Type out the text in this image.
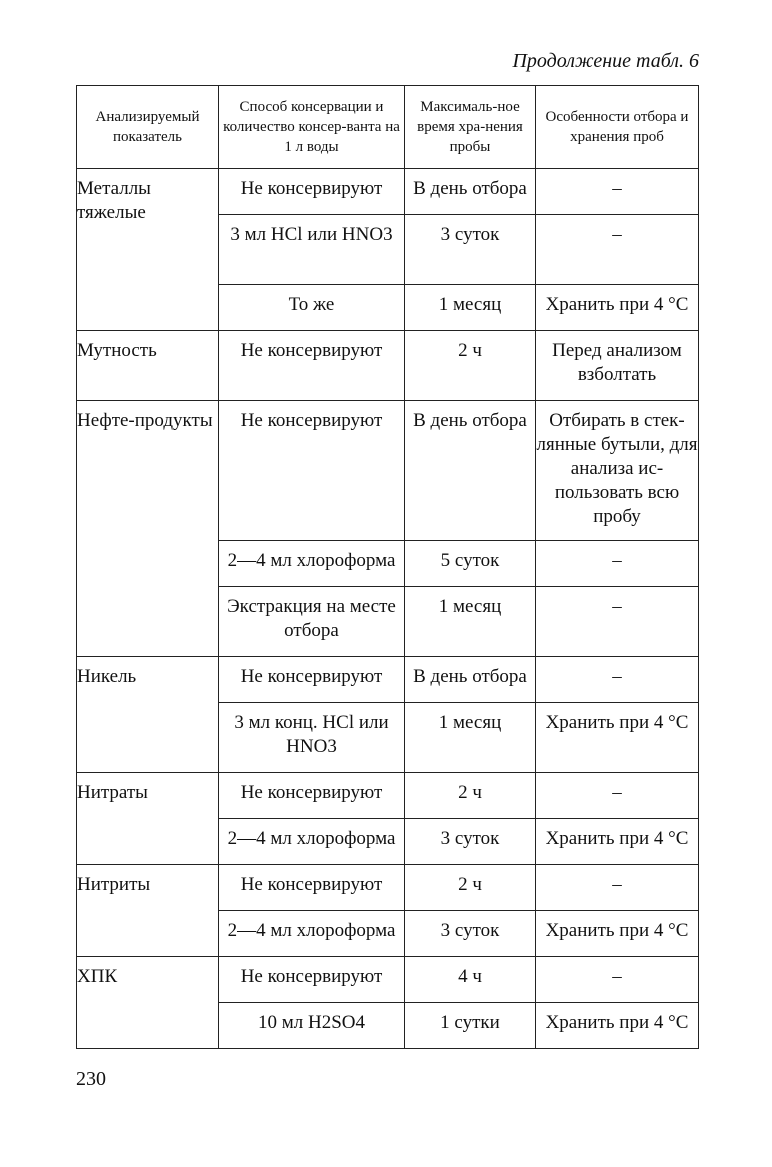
Продолжение табл. 6
Анализируемый показатель	Способ консервации и количество консер-ванта на 1 л воды	Максималь-ное время хра-нения пробы	Особенности отбора и хранения проб
Металлы тяжелые	Не консервируют	В день отбора	–
	3 мл HCl или HNO3	3 суток	–
	То же	1 месяц	Хранить при 4 °С
Мутность	Не консервируют	2 ч	Перед анализом взболтать
Нефте-продукты	Не консервируют	В день отбора	Отбирать в стек-лянные бутыли, для анализа ис-пользовать всю пробу
	2—4 мл хлороформа	5 суток	–
	Экстракция на месте отбора	1 месяц	–
Никель	Не консервируют	В день отбора	–
	3 мл конц. HCl или HNO3	1 месяц	Хранить при 4 °С
Нитраты	Не консервируют	2 ч	–
	2—4 мл хлороформа	3 суток	Хранить при 4 °С
Нитриты	Не консервируют	2 ч	–
	2—4 мл хлороформа	3 суток	Хранить при 4 °С
ХПК	Не консервируют	4 ч	–
	10 мл H2SO4	1 сутки	Хранить при 4 °С
230
